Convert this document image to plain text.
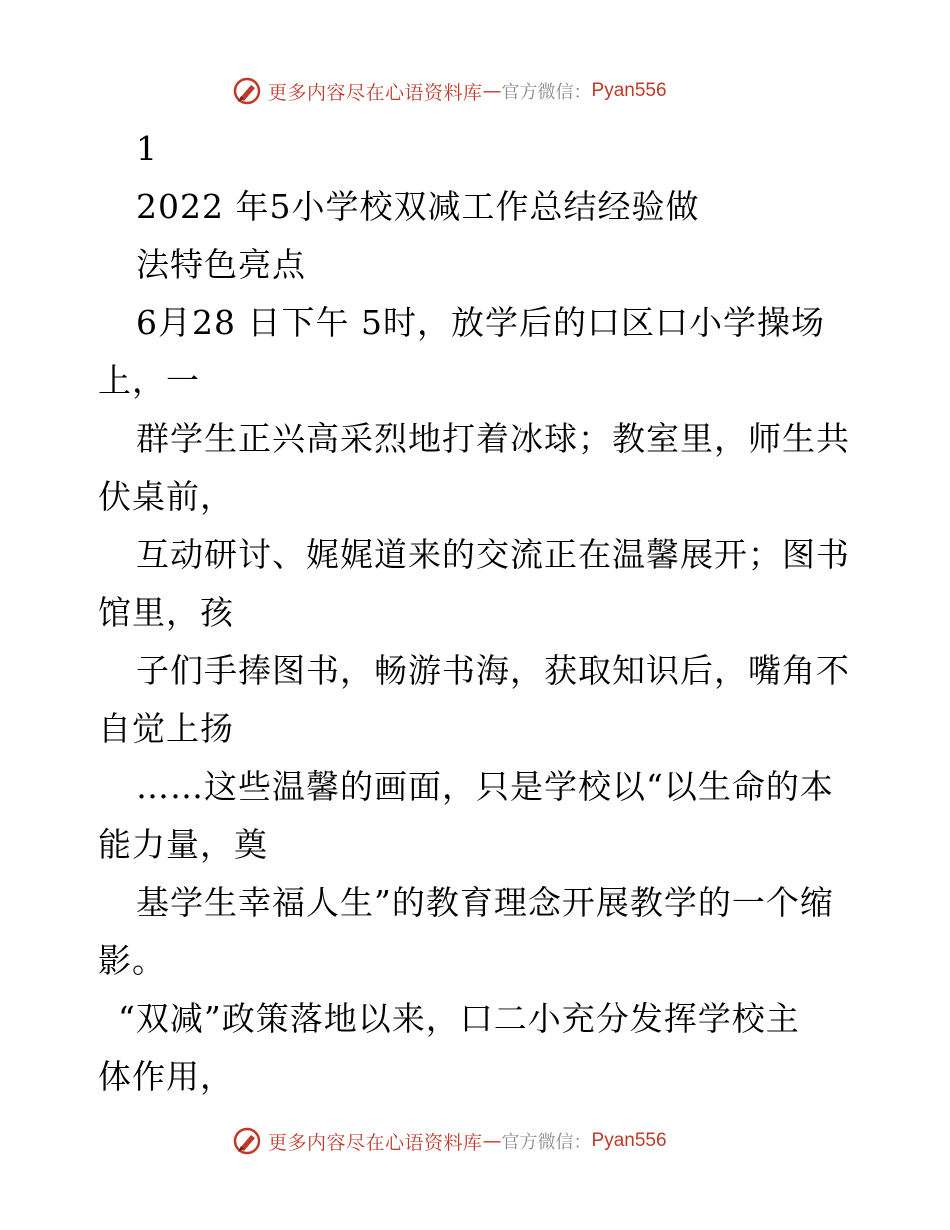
更多内容尽在心语资料库 — 官方微信： Pyan556
1
2022 年5小学校双减工作总结经验做
法特色亮点
6月28 日下午 5时，放学后的口区口小学操场
上，一
群学生正兴高采烈地打着冰球；教室里，师生共
伏桌前，
互动研讨、娓娓道来的交流正在温馨展开；图书
馆里，孩
子们手捧图书，畅游书海，获取知识后，嘴角不
自觉上扬
……这些温馨的画面，只是学校以“以生命的本
能力量，奠
基学生幸福人生”的教育理念开展教学的一个缩
影。
“双减”政策落地以来，口二小充分发挥学校主
体作用，
更多内容尽在心语资料库 — 官方微信： Pyan556
